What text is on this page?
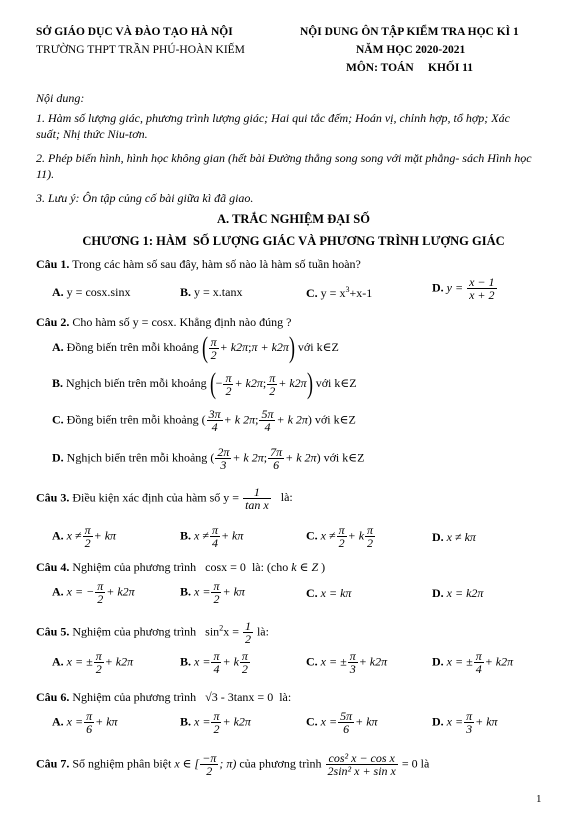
SỞ GIÁO DỤC VÀ ĐÀO TẠO HÀ NỘI
TRƯỜNG THPT TRẦN PHÚ-HOÀN KIẾM
NỘI DUNG ÔN TẬP KIỂM TRA HỌC KÌ 1
NĂM HỌC 2020-2021
MÔN: TOÁN     KHỐI 11
Nội dung:
1. Hàm số lượng giác, phương trình lượng giác; Hai qui tắc đếm; Hoán vị, chỉnh hợp, tổ hợp; Xác suất; Nhị thức Niu-tơn.
2. Phép biến hình, hình học không gian (hết bài Đường thẳng song song với mặt phẳng- sách Hình học 11).
3. Lưu ý: Ôn tập củng cố bài giữa kì đã giao.
A. TRẮC NGHIỆM ĐẠI SỐ
CHƯƠNG 1: HÀM  SỐ LƯỢNG GIÁC VÀ PHƯƠNG TRÌNH LƯỢNG GIÁC
Câu 1. Trong các hàm số sau đây, hàm số nào là hàm số tuần hoàn?
A. y = cosx.sinx	B. y = x.tanx	C. $y = x^3+x-1$	D. $y = \frac{x - 1}{x + 2}$
Câu 2. Cho hàm số y = cosx. Khẳng định nào đúng ?
A. Đồng biến trên mỗi khoảng ( $\frac{\pi}{2}$ + k2π;π + k2π) với k∈Z
B. Nghịch biến trên mỗi khoảng (− $\frac{\pi}{2} + k2\pi$; $\frac{\pi}{2} + k2\pi$) với k∈Z
C. Đồng biến trên mỗi khoảng ( $\frac{3\pi}{4} + k$ 2π; $\frac{5\pi}{4} + k$ 2π) với k∈Z
D. Nghịch biến trên mỗi khoảng ( $\frac{2\pi}{3} + k$ 2π; $\frac{7\pi}{6} + k$ 2π) với k∈Z
Câu 3. Điều kiện xác định của hàm số $y = \frac{1}{\text{tan x}}$ là:
A. $x \ne \frac{\pi}{2} + k\pi$	B. $x \ne \frac{\pi}{4} + k\pi$	C. $x \ne \frac{\pi}{2} + k \frac{\pi}{2}$	D. x ≠ kπ
Câu 4. Nghiệm của phương trình cosx = 0 là: (cho k ∈ Z )
A. x = − $\frac{\pi}{2} + k2\pi$	B. $x = \frac{\pi}{2} + k\pi$	C. x = kπ	D. x = k2π
Câu 5. Nghiệm của phương trình $\sin^2x = \frac{1}{2}$ là:
A. x = ± $\frac{\pi}{2} + k2\pi$	B. $x = \frac{\pi}{4} + k \frac{\pi}{2}$	C. x = ± $\frac{\pi}{3} + k2\pi$	D. x = ± $\frac{\pi}{4} + k2\pi$
Câu 6. Nghiệm của phương trình √3 - 3tanx = 0 là:
A. $x = \frac{\pi}{6} + k\pi$	B. $x = \frac{\pi}{2} + k2\pi$	C. $x = \frac{5\pi}{6} + k\pi$	D. $x = \frac{\pi}{3} + k\pi$
Câu 7. Số nghiệm phân biệt x ∈ [ $\frac{-\pi}{2}$ ; π) của phương trình $\frac{\text{cos² x − cos x}}{\text{2sin² x + sin x}} = 0$ là
1
